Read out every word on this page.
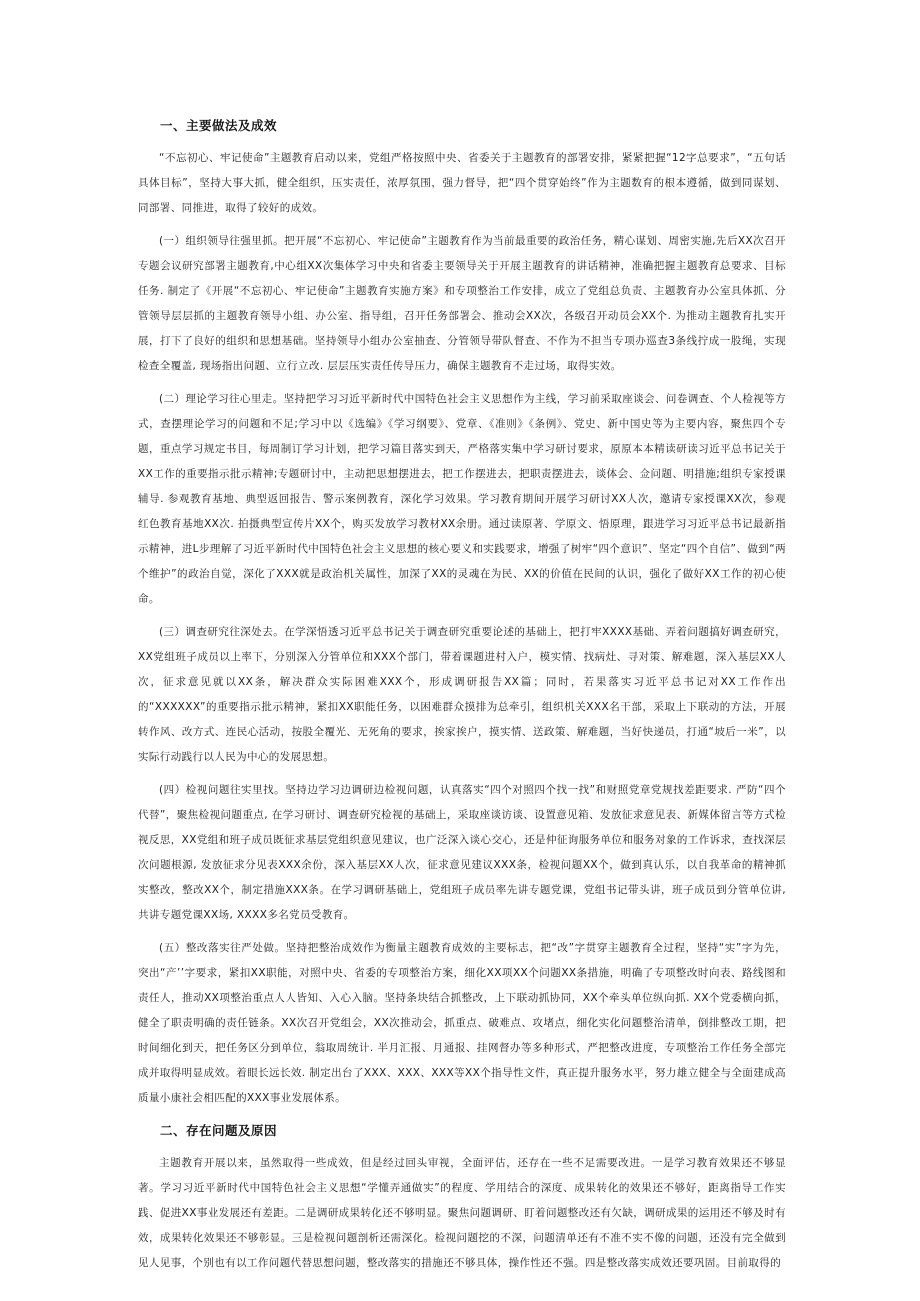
一、主要做法及成效

“不忘初心、牢记使命”主题教育启动以来，党组严格按照中央、省委关于主题教育的部署安排，紧紧把握“12字总要求”，“五句话具体目标”，坚持大事大抓，健全组织，压实责任，浓厚氛围，强力督导，把“四个贯穿始终”作为主题数育的根本遵循，做到同谋划、同部署、同推进，取得了较好的成效。

(一）组织领导往强里抓。把开展“不忘初心、牢记使命”主题教育作为当前最重要的政治任务，精心谋划、周密实施,先后XX次召开专题会议研究部署主题教育,中心组XX次集体学习中央和省委主要领导关于开展主题教育的讲话精神，准确把握主题教育总要求、目标任务. 制定了《开展“不忘初心、牢记使命”主题教育实施方案》和专项整治工作安排，成立了党组总负责、主题教育办公室具体抓、分管领导层层抓的主题教育领导小组、办公室、指导组，召开任务部署会、推动会XX次，各级召开动员会XX个. 为推动主题教育扎实开展，打下了良好的组织和思想基础。坚持领导小组办公室抽查、分管领导带队督查、不作为不担当专项办巡查3条线拧成一股绳，实现检查全覆盖, 现场指出问题、立行立改. 层层压实责任传导压力，确保主题教育不走过场，取得实效。

(二）理论学习往心里走。坚持把学习习近平新时代中国特色社会主义思想作为主线，学习前采取座谈会、问卷调查、个人检视等方式，查摆理论学习的问题和不足;学习中以《选编》《学习纲要》、党章、《准则》《条例》、党史、新中国史等为主要内容，聚焦四个专题，重点学习规定书目，每周制订学习计划，把学习篇目落实到天，严格落实集中学习研讨要求，原原本本精读研读习近平总书记关于XX工作的重要指示批示精神;专题研讨中，主动把思想摆进去，把工作摆进去，把职责摆进去，谈体会、佥问题、明措施;组织专家授课辅导. 参观教育基地、典型返回报告、警示案例教育，深化学习效果。学习教育期间开展学习研讨XX人次，邀请专家授课XX次，参观红色教育基地XX次. 拍摄典型宣传片XX个，购买发放学习教材XX余册。通过读原著、学原文、悟原理，跟进学习习近平总书记最新指示精神，进L步理解了习近平新时代中国特色社会主义思想的核心要义和实践要求，增强了树牢“四个意识”、坚定“四个自信”、做到“两个维护”的政治自觉，深化了XXX就是政治机关属性，加深了XX的灵魂在为民、XX的价值在民间的认识，强化了做好XX工作的初心使命。

(三）调查研究往深处去。在学深悟透习近平总书记关于调查研究重要论述的基础上，把打牢XXXX基础、弄着问题搞好调查研究，XX党组班子成员以上率下，分别深入分管单位和XXX个部门，带着课题进村入户，模实情、找病灶、寻对策、解难题，深入基层XX人次，征求意见就以XX条，解决群众实际困难XXX个，形成调研报告XX篇；同时，若果落实习近平总书记对XX工作作出的“XXXXXX”的重要指示批示精神，紧扣XX职能任务，以困难群众摸排为总牵引，组织机关XXX名干部，采取上下联动的方法，开展转作风、改方式、连民心活动，按股全覆光、无死角的要求，挨家挨户，摸实情、送政策、解难题，当好快递员，打通“坡后一米”，以实际行动践行以人民为中心的发展思想。

(四）检视问题往实里找。坚持边学习边调研边检视问题，认真落实“四个对照四个找一找”和财照党章党规找差距要求. 严防“四个代替”，聚焦检视问题重点, 在学习研讨、调查研究检视的基础上，采取座谈访谈、设置意见箱、发放征求意见表、新媒体留言等方式检视反思，XX党组和班子成员既征求基层党组织意见建议，也广泛深入谈心交心，还是仲征询服务单位和服务对象的工作诉求，查找深层次问题根源, 发放征求分见表XXX余份，深入基层XX人次，征求意见建议XXX条，检视问题XX个，做到真认乐，以自我革命的精神抓实整改，整改XX个，制定措施XXX条。在学习调研基础上，党组班子成员率先讲专题党课，党组书记带头讲，班子成员到分管单位讲, 共讲专题党课XX场, XXXX多名党员受教育。

(五）整改落实往严处做。坚持把整治成效作为衡量主题教育成效的主要标志，把“改”字贯穿主题教育全过程，坚持“实”字为先，突出“产’’字要求，紧扣XX职能，对照中央、省委的专项整治方案，细化XX项XX个问题XX条措施，明确了专项整改时向表、路线图和责任人，推动XX项整治重点人人皆知、入心入脑。坚持条块结合抓整改，上下联动抓协同，XX个牵头单位纵向抓. XX个党委横向抓，健全了职责明确的责任链条。XX次召开党组会，XX次推动会，抓重点、破难点、攻堵点，细化实化问题整治清单，倒排整改工期，把时间细化到天，把任务区分到单位，翁取周统计. 半月汇报、月通报、挂网督办等多种形式，严把整改进度，专项整治工作任务全部完成并取得明显成效。着眼长远长效. 制定出台了XXX、XXX、XXX等XX个指导性文件，真正提升服务水平，努力雄立健全与全面建成高质量小康社会相匹配的XXX事业发展体系。

二、存在问题及原因

主题教育开展以来，虽然取得一些成效，但是经过回头审视，全面评估，还存在一些不足需要改进。一是学习教育效果还不够显著。学习习近平新时代中国特色社会主义思想“学懂弄通做实”的程度、学用结合的深度、成果转化的效果还不够好，距离指导工作实践、促进XX事业发展还有差距。二是调研成果转化还不够明显。聚焦问题调研、盯着问题整改还有欠缺，调研成果的运用还不够及时有效，成果转化效果还不够彰显。三是检视问题剖析还需深化。检视问题挖的不深，问题清单还有不准不实不像的问题，还没有完全做到见人见事，个别也有以工作问题代替思想问题，整改落实的措施还不够具体，操作性还不强。四是整改落实成效还要巩固。目前取得的
